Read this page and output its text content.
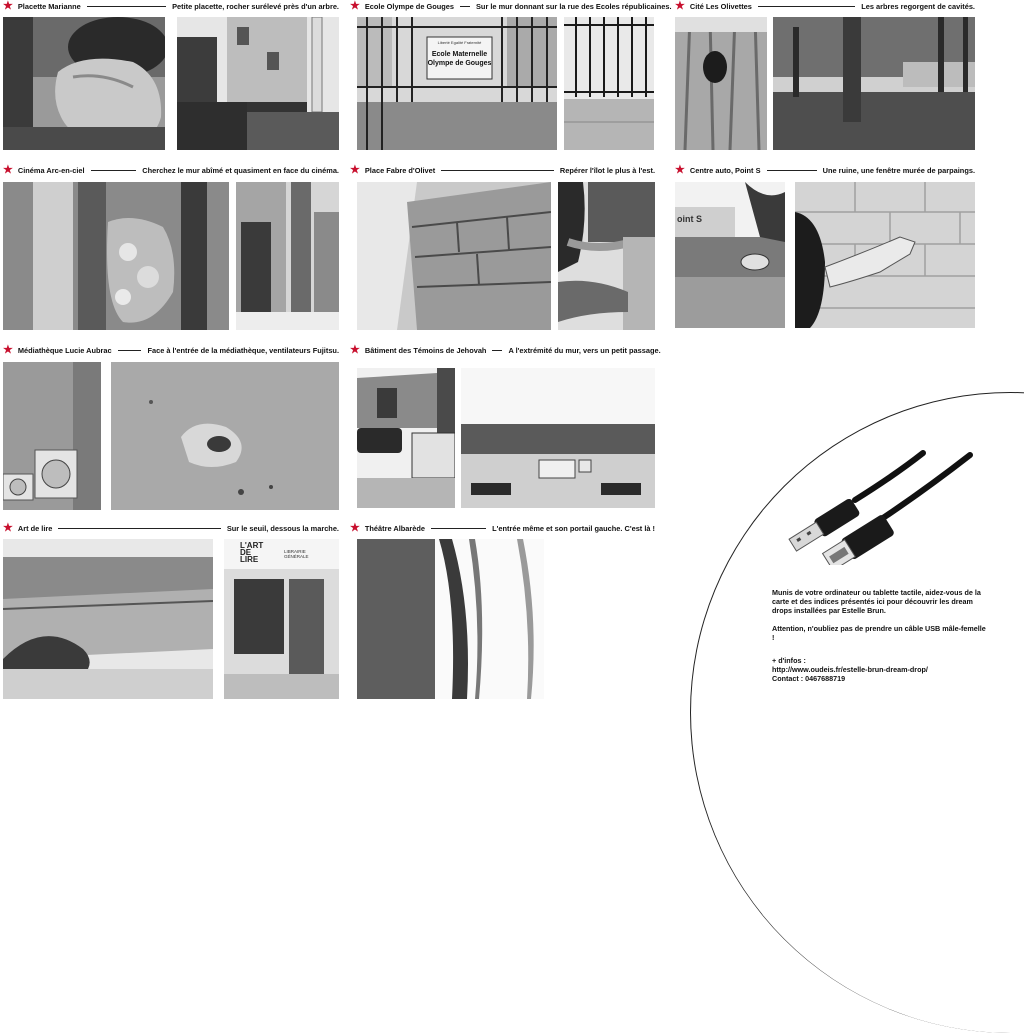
★ Placette Marianne	Petite placette, rocher surélevé près d'un arbre. ★ Ecole Olympe de Gouges	Sur le mur donnant sur la rue des Ecoles républicaines.
Liberté Egalité Fraternité
Ecole Maternelle
Olympe de Gouges
★ Cité Les Olivettes	Les arbres regorgent de cavités.
★ Cinéma Arc-en-ciel	Cherchez le mur abîmé et quasiment en face du cinéma. ★ Place Fabre d'Olivet	Repérer l'îlot le plus à l'est. ★ Centre auto, Point S	Une ruine, une fenêtre murée de parpaings.
oint S
★ Médiathèque Lucie Aubrac	Face à l'entrée de la médiathèque, ventilateurs Fujitsu. ★ Bâtiment des Témoins de Jehovah	A l'extrémité du mur, vers un petit passage.
★ Art de lire	Sur le seuil, dessous la marche.
L'ART
DE
LIRE
LIBRAIRIE
GÉNÉRALE
★ Théâtre Albarède	L'entrée même et son portail gauche. C'est là !

Munis de votre ordinateur ou tablette tactile, aidez-vous de la carte et des indices présentés ici pour découvrir les dream drops installées par Estelle Brun.

Attention, n'oubliez pas de prendre un câble USB mâle-femelle !

+ d'infos :
http://www.oudeis.fr/estelle-brun-dream-drop/
Contact : 0467688719
